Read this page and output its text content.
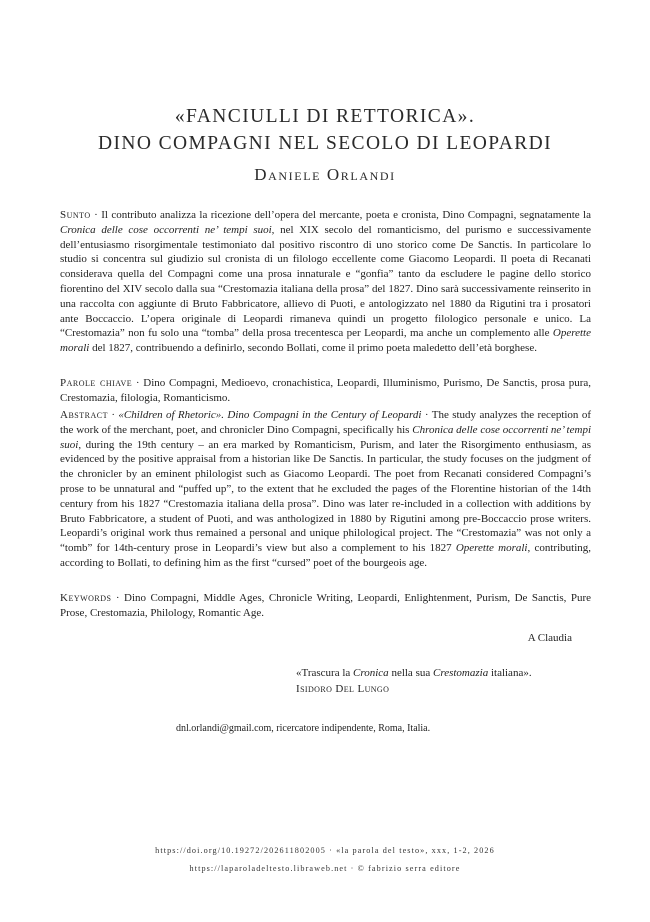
«FANCIULLI DI RETTORICA».
DINO COMPAGNI NEL SECOLO DI LEOPARDI
Daniele Orlandi
Sunto · Il contributo analizza la ricezione dell’opera del mercante, poeta e cronista, Dino Compagni, segnatamente la Cronica delle cose occorrenti ne’ tempi suoi, nel XIX secolo del romanticismo, del purismo e successivamente dell’entusiasmo risorgimentale testimoniato dal positivo riscontro di uno storico come De Sanctis. In particolare lo studio si concentra sul giudizio sul cronista di un filologo eccellente come Giacomo Leopardi. Il poeta di Recanati considerava quella del Compagni come una prosa innaturale e “gonfia” tanto da escludere le pagine dello storico fiorentino del XIV secolo dalla sua “Crestomazia italiana della prosa” del 1827. Dino sarà successivamente reinserito in una raccolta con aggiunte di Bruto Fabbricatore, allievo di Puoti, e antologizzato nel 1880 da Rigutini tra i prosatori ante Boccaccio. L’opera originale di Leopardi rimaneva quindi un progetto filologico personale e unico. La “Crestomazia” non fu solo una “tomba” della prosa trecentesca per Leopardi, ma anche un complemento alle Operette morali del 1827, contribuendo a definirlo, secondo Bollati, come il primo poeta maledetto dell’età borghese.
Parole chiave · Dino Compagni, Medioevo, cronachistica, Leopardi, Illuminismo, Purismo, De Sanctis, prosa pura, Crestomazia, filologia, Romanticismo.
Abstract · «Children of Rhetoric». Dino Compagni in the Century of Leopardi · The study analyzes the reception of the work of the merchant, poet, and chronicler Dino Compagni, specifically his Chronica delle cose occorrenti ne’ tempi suoi, during the 19th century – an era marked by Romanticism, Purism, and later the Risorgimento enthusiasm, as evidenced by the positive appraisal from a historian like De Sanctis. In particular, the study focuses on the judgment of the chronicler by an eminent philologist such as Giacomo Leopardi. The poet from Recanati considered Compagni’s prose to be unnatural and “puffed up”, to the extent that he excluded the pages of the Florentine historian of the 14th century from his 1827 “Crestomazia italiana della prosa”. Dino was later re-included in a collection with additions by Bruto Fabbricatore, a student of Puoti, and was anthologized in 1880 by Rigutini among pre-Boccaccio prose writers. Leopardi’s original work thus remained a personal and unique philological project. The “Crestomazia” was not only a “tomb” for 14th-century prose in Leopardi’s view but also a complement to his 1827 Operette morali, contributing, according to Bollati, to defining him as the first “cursed” poet of the bourgeois age.
Keywords · Dino Compagni, Middle Ages, Chronicle Writing, Leopardi, Enlightenment, Purism, De Sanctis, Pure Prose, Crestomazia, Philology, Romantic Age.
A Claudia
«Trascura la Cronica nella sua Crestomazia italiana».
Isidoro Del Lungo
dnl.orlandi@gmail.com, ricercatore indipendente, Roma, Italia.
https://doi.org/10.19272/202611802005 · «la parola del testo», xxx, 1-2, 2026
https://laparoladeltesto.libraweb.net · © fabrizio serra editore
